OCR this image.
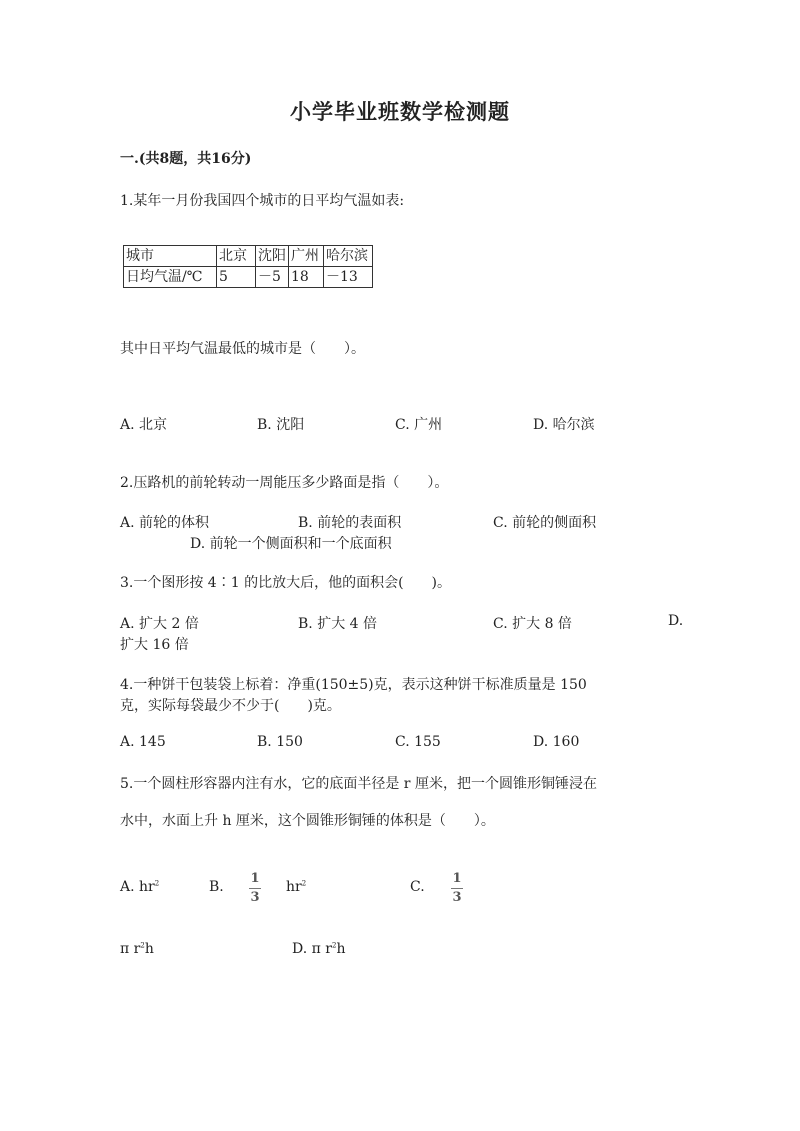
小学毕业班数学检测题
一.(共8题，共16分)
1.某年一月份我国四个城市的日平均气温如表:
城市	北京	沈阳	广州	哈尔滨
日均气温/℃	5	－5	18	－13
其中日平均气温最低的城市是（　　）。
A. 北京	B. 沈阳	C. 广州	D. 哈尔滨
2.压路机的前轮转动一周能压多少路面是指（　　）。
A. 前轮的体积	B. 前轮的表面积	C. 前轮的侧面积
D. 前轮一个侧面积和一个底面积
3.一个图形按 4∶1 的比放大后，他的面积会(　　)。
A. 扩大 2 倍	B. 扩大 4 倍	C. 扩大 8 倍	D.
扩大 16 倍
4.一种饼干包装袋上标着：净重(150±5)克，表示这种饼干标准质量是 150
克，实际每袋最少不少于(　　)克。
A. 145	B. 150	C. 155	D. 160
5.一个圆柱形容器内注有水，它的底面半径是 r 厘米，把一个圆锥形铜锤浸在
水中，水面上升 h 厘米，这个圆锥形铜锤的体积是（　　）。
A. $hr^2$	B.
1
3
$hr^2$	C.
1
3
π $r^2h$	D. π $r^2h$
